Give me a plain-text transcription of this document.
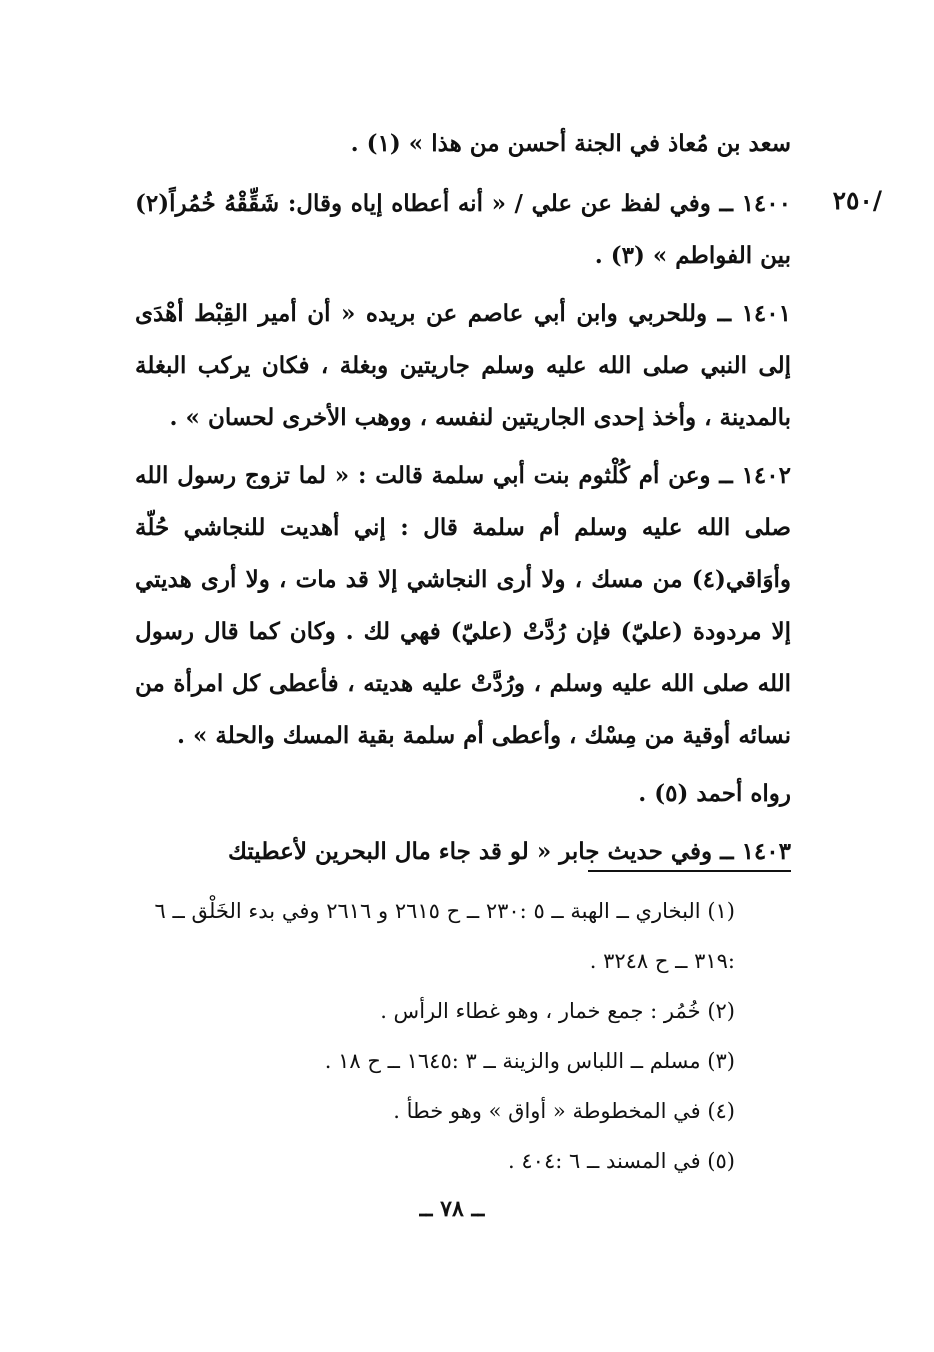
/٢٥٠

سعد بن مُعاذ في الجنة أحسن من هذا » (١) .

١٤٠٠ ــ وفي لفظ عن علي / « أنه أعطاه إياه وقال: شَقِّقْهُ خُمُراً(٢) بين الفواطم » (٣) .

١٤٠١ ــ وللحربي وابن أبي عاصم عن بريده « أن أمير القِبْط أهْدَى إلى النبي صلى الله عليه وسلم جاريتين وبغلة ، فكان يركب البغلة بالمدينة ، وأخذ إحدى الجاريتين لنفسه ، ووهب الأخرى لحسان » .

١٤٠٢ ــ وعن أم كُلْثوم بنت أبي سلمة قالت : « لما تزوج رسول الله صلى الله عليه وسلم أم سلمة قال : إني أهديت للنجاشي حُلّة وأوَاقي(٤) من مسك ، ولا أرى النجاشي إلا قد مات ، ولا أرى هديتي إلا مردودة (عليّ) فإن رُدَّتْ (عليّ) فهي لك . وكان كما قال رسول الله صلى الله عليه وسلم ، ورُدَّتْ عليه هديته ، فأعطى كل امرأة من نسائه أوقية من مِسْك ، وأعطى أم سلمة بقية المسك والحلة » .

رواه أحمد (٥) .

١٤٠٣ ــ وفي حديث جابر « لو قد جاء مال البحرين لأعطيتك

(١) البخاري ــ الهبة ــ ٥ :٢٣٠ ــ ح ٢٦١٥ و ٢٦١٦ وفي بدء الخَلْق ــ ٦ :٣١٩ ــ ح ٣٢٤٨ .

(٢) خُمُر : جمع خمار ، وهو غطاء الرأس .

(٣) مسلم ــ اللباس والزينة ــ ٣ :١٦٤٥ ــ ح ١٨ .

(٤) في المخطوطة « أواق » وهو خطأ .

(٥) في المسند ــ ٦ :٤٠٤ .

ــ ٧٨ ــ
